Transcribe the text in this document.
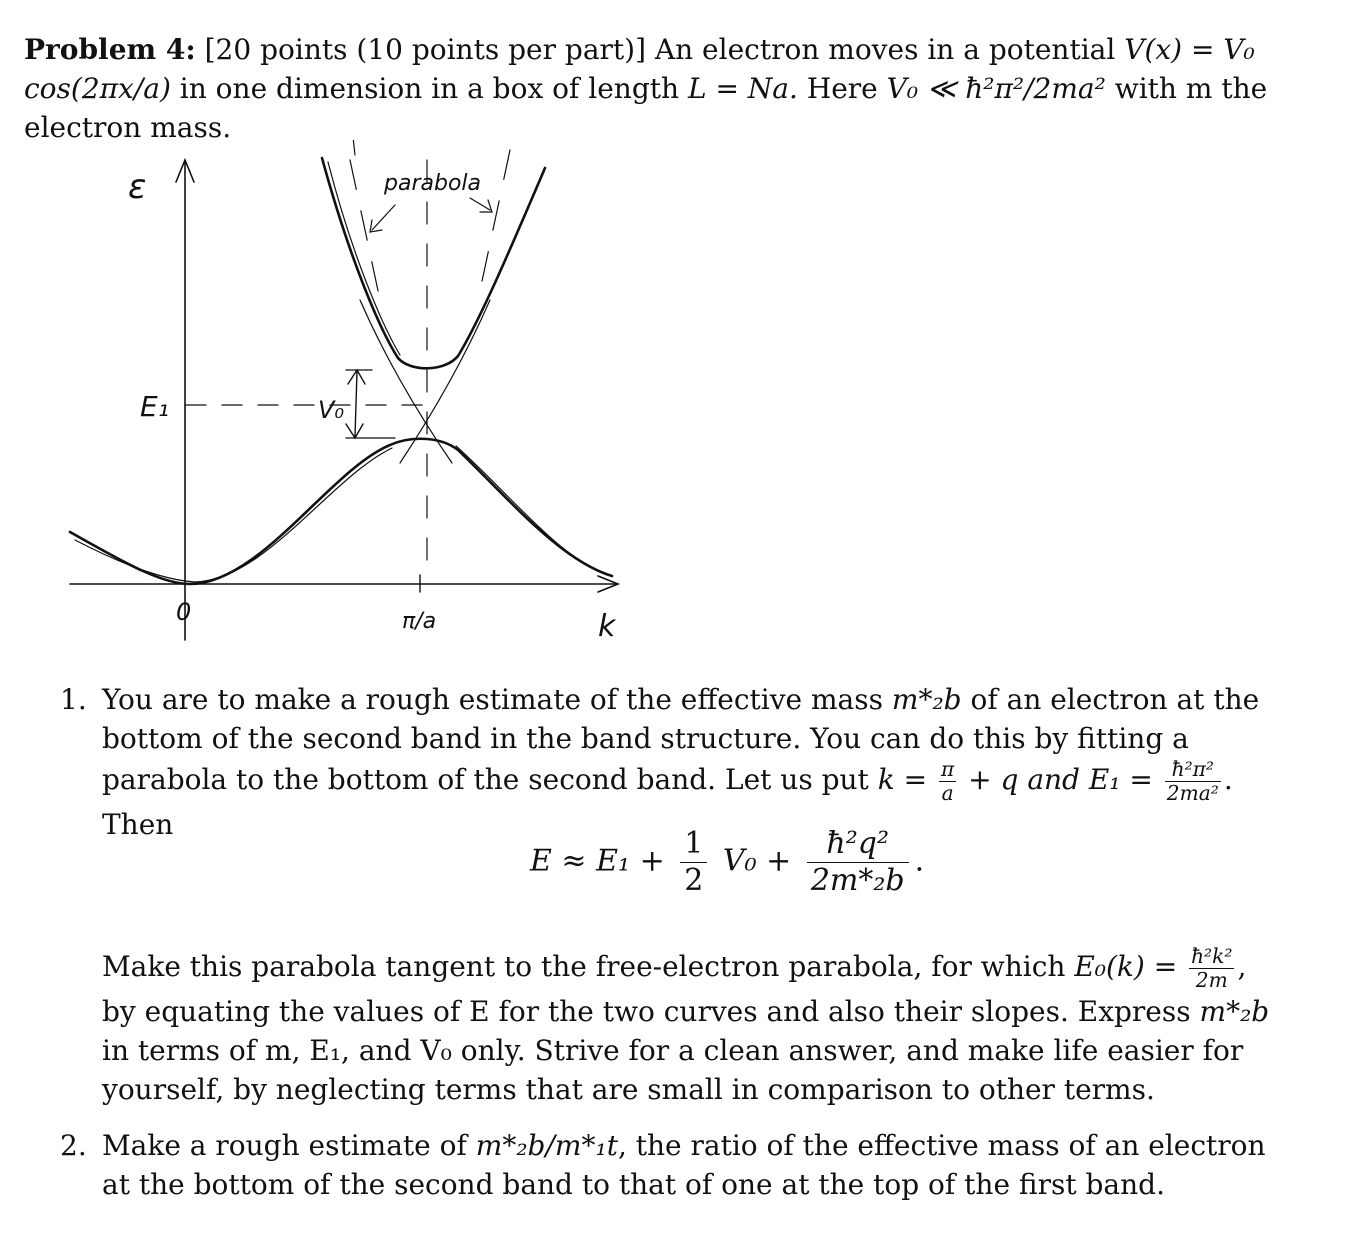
Problem 4: [20 points (10 points per part)] An electron moves in a potential V(x) = V₀ cos(2πx/a) in one dimension in a box of length L = Na. Here V₀ ≪ ħ²π²/2ma² with m the electron mass.
ε
E₁	V₀
parabola
0	π/a	k
1. You are to make a rough estimate of the effective mass m*₂b of an electron at the bottom of the second band in the band structure. You can do this by fitting a parabola to the bottom of the second band. Let us put $k = \frac{\pi}{a} + q$ and $E_1 = \frac{\text{ħ²π²}}{\text{2ma²}}$ . Then
$E \approx E_1 + \frac{1}{2} V_0 + \frac{\text{ħ²q²}}{\text{2m*₂b}}$ .
Make this parabola tangent to the free-electron parabola, for which $E_0(k) = \frac{\text{ħ²k²}}{2m}$ , by equating the values of E for the two curves and also their slopes. Express m*₂b in terms of m, E₁, and V₀ only. Strive for a clean answer, and make life easier for yourself, by neglecting terms that are small in comparison to other terms.
2. Make a rough estimate of m*₂b/m*₁t, the ratio of the effective mass of an electron at the bottom of the second band to that of one at the top of the first band.
